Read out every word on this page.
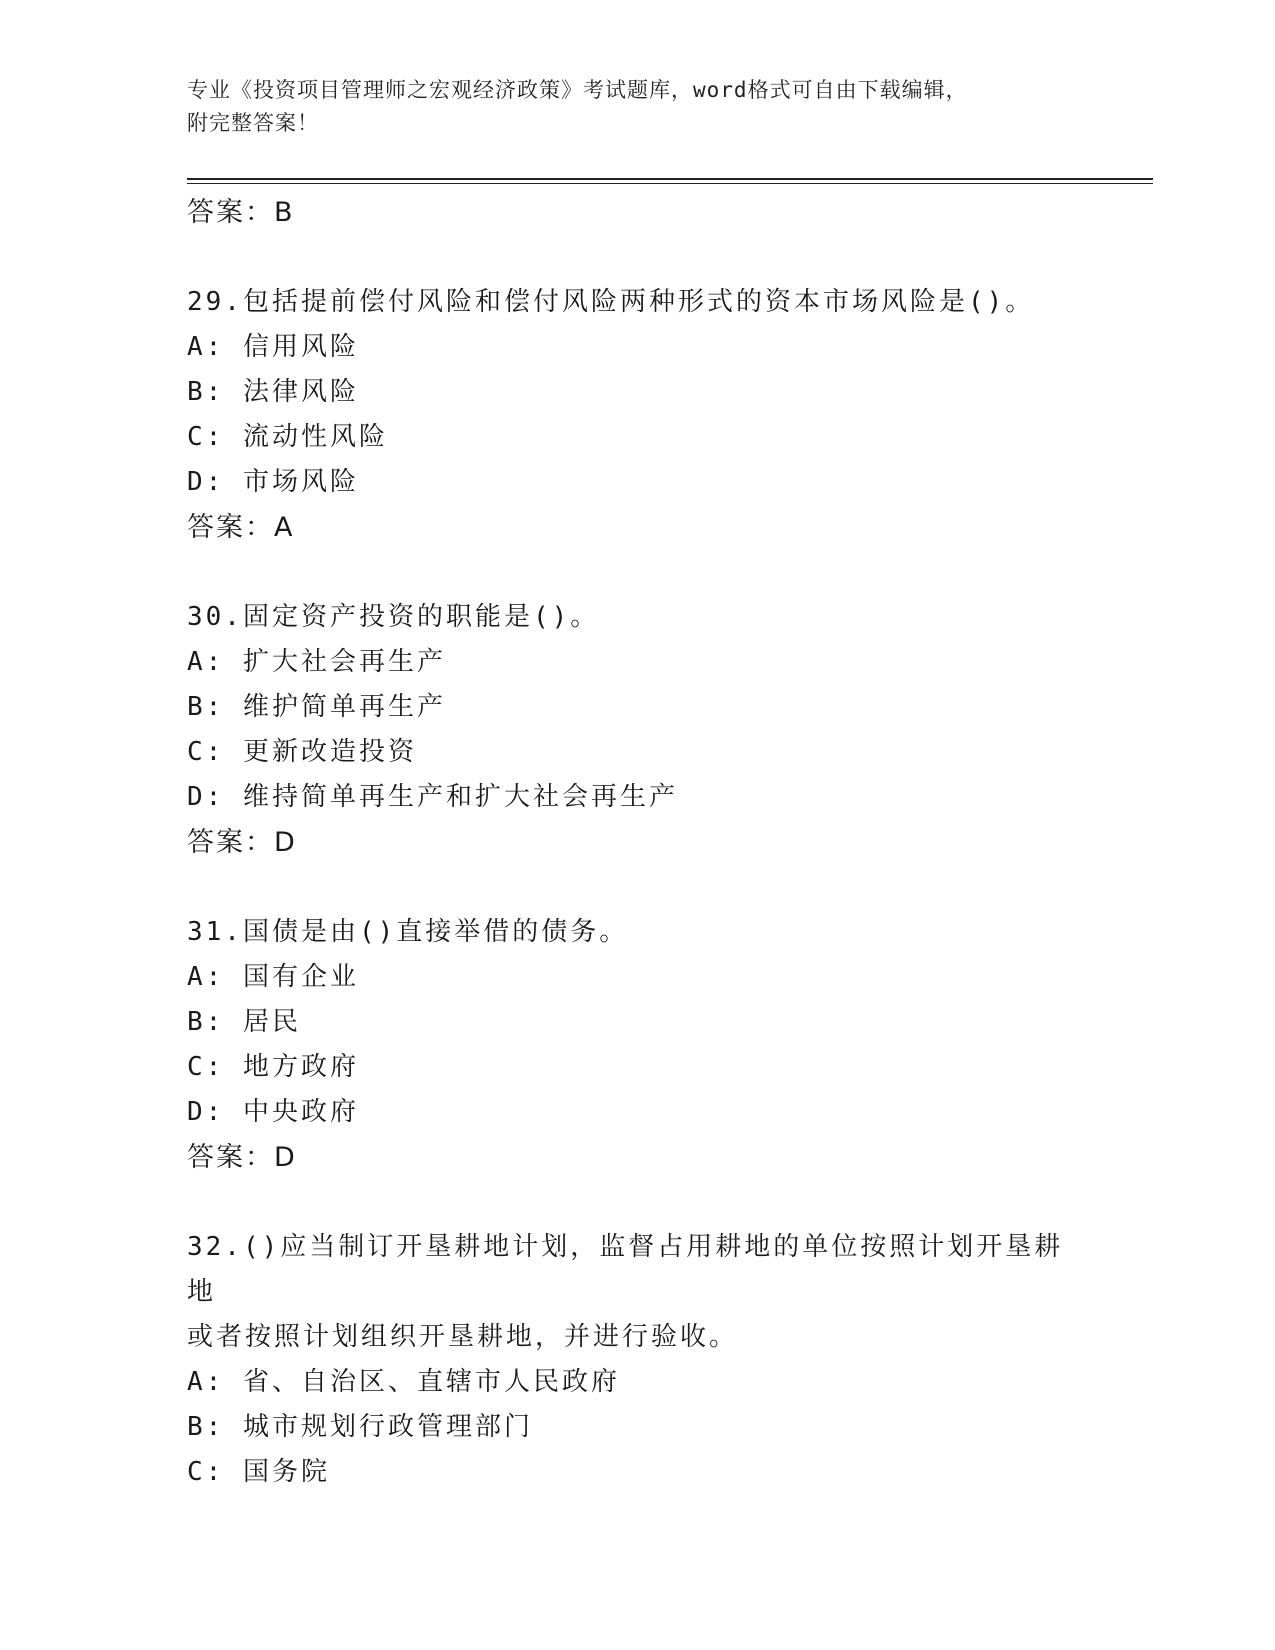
专业《投资项目管理师之宏观经济政策》考试题库，word格式可自由下载编辑，
附完整答案！
答案：B
29.包括提前偿付风险和偿付风险两种形式的资本市场风险是()。
A: 信用风险
B: 法律风险
C: 流动性风险
D: 市场风险
答案：A
30.固定资产投资的职能是()。
A: 扩大社会再生产
B: 维护简单再生产
C: 更新改造投资
D: 维持简单再生产和扩大社会再生产
答案：D
31.国债是由()直接举借的债务。
A: 国有企业
B: 居民
C: 地方政府
D: 中央政府
答案：D
32.()应当制订开垦耕地计划，监督占用耕地的单位按照计划开垦耕地
或者按照计划组织开垦耕地，并进行验收。
A: 省、自治区、直辖市人民政府
B: 城市规划行政管理部门
C: 国务院
